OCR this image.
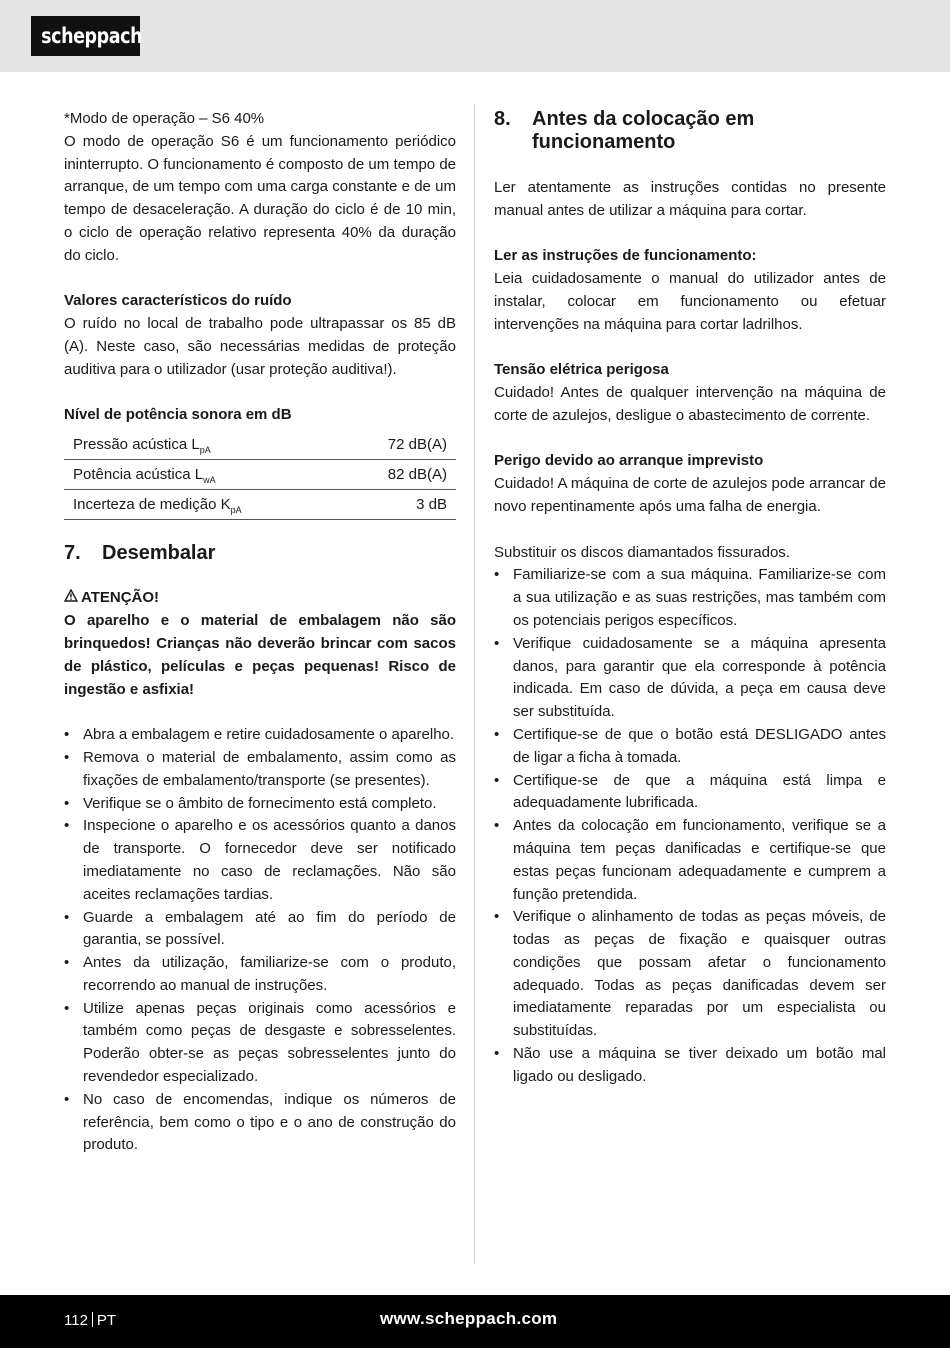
scheppach

*Modo de operação – S6 40%

O modo de operação S6 é um funcionamento periódico ininterrupto. O funcionamento é composto de um tempo de arranque, de um tempo com uma carga constante e de um tempo de desaceleração. A duração do ciclo é de 10 min, o ciclo de operação relativo representa 40% da duração do ciclo.

Valores característicos do ruído

O ruído no local de trabalho pode ultrapassar os 85 dB (A). Neste caso, são necessárias medidas de proteção auditiva para o utilizador (usar proteção auditiva!).

Nível de potência sonora em dB

Pressão acústica $L_{pA}$	72 dB(A)
Potência acústica $L_{wA}$	82 dB(A)
Incerteza de medição $K_{pA}$	3 dB
7.	Desembalar

ATENÇÃO!

O aparelho e o material de embalagem não são brinquedos! Crianças não deverão brincar com sacos de plástico, películas e peças pequenas! Risco de ingestão e asfixia!

• Abra a embalagem e retire cuidadosamente o aparelho.
• Remova o material de embalamento, assim como as fixações de embalamento/transporte (se presentes).
• Verifique se o âmbito de fornecimento está completo.
• Inspecione o aparelho e os acessórios quanto a danos de transporte. O fornecedor deve ser notificado imediatamente no caso de reclamações. Não são aceites reclamações tardias.
• Guarde a embalagem até ao fim do período de garantia, se possível.
• Antes da utilização, familiarize-se com o produto, recorrendo ao manual de instruções.
• Utilize apenas peças originais como acessórios e também como peças de desgaste e sobresselentes. Poderão obter-se as peças sobresselentes junto do revendedor especializado.
• No caso de encomendas, indique os números de referência, bem como o tipo e o ano de construção do produto.
8.	Antes da colocação em funcionamento

Ler atentamente as instruções contidas no presente manual antes de utilizar a máquina para cortar.

Ler as instruções de funcionamento:

Leia cuidadosamente o manual do utilizador antes de instalar, colocar em funcionamento ou efetuar intervenções na máquina para cortar ladrilhos.

Tensão elétrica perigosa

Cuidado! Antes de qualquer intervenção na máquina de corte de azulejos, desligue o abastecimento de corrente.

Perigo devido ao arranque imprevisto

Cuidado! A máquina de corte de azulejos pode arrancar de novo repentinamente após uma falha de energia.

Substituir os discos diamantados fissurados.

• Familiarize-se com a sua máquina. Familiarize-se com a sua utilização e as suas restrições, mas também com os potenciais perigos específicos.
• Verifique cuidadosamente se a máquina apresenta danos, para garantir que ela corresponde à potência indicada. Em caso de dúvida, a peça em causa deve ser substituída.
• Certifique-se de que o botão está DESLIGADO antes de ligar a ficha à tomada.
• Certifique-se de que a máquina está limpa e adequadamente lubrificada.
• Antes da colocação em funcionamento, verifique se a máquina tem peças danificadas e certifique-se que estas peças funcionam adequadamente e cumprem a função pretendida.
• Verifique o alinhamento de todas as peças móveis, de todas as peças de fixação e quaisquer outras condições que possam afetar o funcionamento adequado. Todas as peças danificadas devem ser imediatamente reparadas por um especialista ou substituídas.
• Não use a máquina se tiver deixado um botão mal ligado ou desligado.
112 PT	www.scheppach.com
